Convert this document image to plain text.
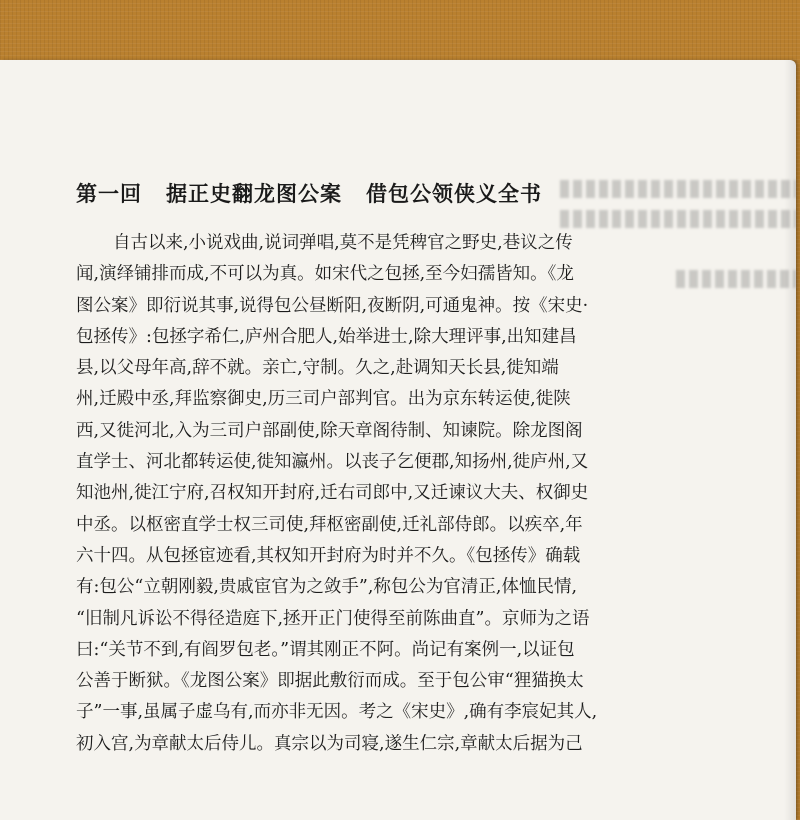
第一回 据正史翻龙图公案 借包公领侠义全书
自古以来,小说戏曲,说词弹唱,莫不是凭稗官之野史,巷议之传
闻,演绎铺排而成,不可以为真。如宋代之包拯,至今妇孺皆知。《龙
图公案》即衍说其事,说得包公昼断阳,夜断阴,可通鬼神。按《宋史·
包拯传》:包拯字希仁,庐州合肥人,始举进士,除大理评事,出知建昌
县,以父母年高,辞不就。亲亡,守制。久之,赴调知天长县,徙知端
州,迁殿中丞,拜监察御史,历三司户部判官。出为京东转运使,徙陕
西,又徙河北,入为三司户部副使,除天章阁待制、知谏院。除龙图阁
直学士、河北都转运使,徙知瀛州。以丧子乞便郡,知扬州,徙庐州,又
知池州,徙江宁府,召权知开封府,迁右司郎中,又迁谏议大夫、权御史
中丞。以枢密直学士权三司使,拜枢密副使,迁礼部侍郎。以疾卒,年
六十四。从包拯宦迹看,其权知开封府为时并不久。《包拯传》确载
有:包公“立朝刚毅,贵戚宦官为之敛手”,称包公为官清正,体恤民情,
“旧制凡诉讼不得径造庭下,拯开正门使得至前陈曲直”。京师为之语
曰:“关节不到,有阎罗包老。”谓其刚正不阿。尚记有案例一,以证包
公善于断狱。《龙图公案》即据此敷衍而成。至于包公审“狸猫换太
子”一事,虽属子虚乌有,而亦非无因。考之《宋史》,确有李宸妃其人,
初入宫,为章献太后侍儿。真宗以为司寝,遂生仁宗,章献太后据为己
